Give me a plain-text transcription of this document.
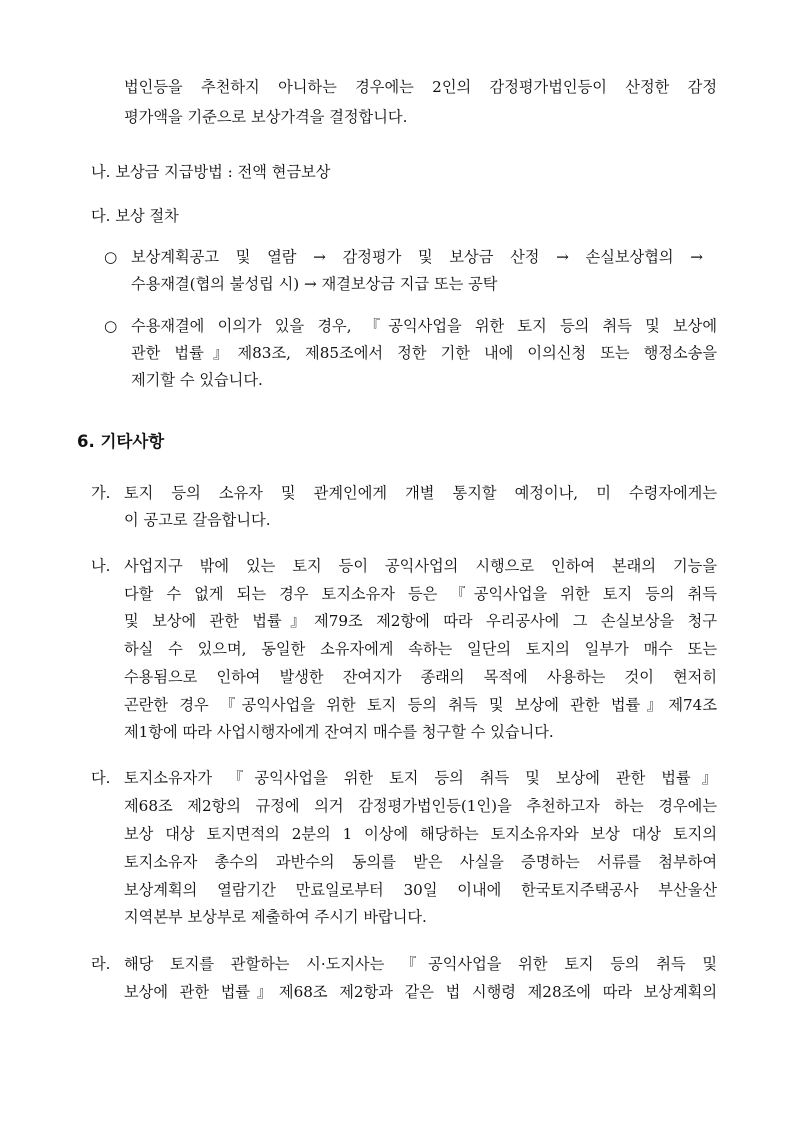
법인등을 추천하지 아니하는 경우에는 2인의 감정평가법인등이 산정한 감정
평가액을 기준으로 보상가격을 결정합니다.
나. 보상금 지급방법 : 전액 현금보상
다. 보상 절차
○ 보상계획공고 및 열람 → 감정평가 및 보상금 산정 → 손실보상협의 →
수용재결(협의 불성립 시) → 재결보상금 지급 또는 공탁
○ 수용재결에 이의가 있을 경우, 『공익사업을 위한 토지 등의 취득 및 보상에
관한 법률』제83조, 제85조에서 정한 기한 내에 이의신청 또는 행정소송을
제기할 수 있습니다.
6. 기타사항
가. 토지 등의 소유자 및 관계인에게 개별 통지할 예정이나, 미 수령자에게는
이 공고로 갈음합니다.
나. 사업지구 밖에 있는 토지 등이 공익사업의 시행으로 인하여 본래의 기능을
다할 수 없게 되는 경우 토지소유자 등은 『공익사업을 위한 토지 등의 취득
및 보상에 관한 법률』제79조 제2항에 따라 우리공사에 그 손실보상을 청구
하실 수 있으며, 동일한 소유자에게 속하는 일단의 토지의 일부가 매수 또는
수용됨으로 인하여 발생한 잔여지가 종래의 목적에 사용하는 것이 현저히
곤란한 경우 『공익사업을 위한 토지 등의 취득 및 보상에 관한 법률』제74조
제1항에 따라 사업시행자에게 잔여지 매수를 청구할 수 있습니다.
다. 토지소유자가 『공익사업을 위한 토지 등의 취득 및 보상에 관한 법률』
제68조 제2항의 규정에 의거 감정평가법인등(1인)을 추천하고자 하는 경우에는
보상 대상 토지면적의 2분의 1 이상에 해당하는 토지소유자와 보상 대상 토지의
토지소유자 총수의 과반수의 동의를 받은 사실을 증명하는 서류를 첨부하여
보상계획의 열람기간 만료일로부터 30일 이내에 한국토지주택공사 부산울산
지역본부 보상부로 제출하여 주시기 바랍니다.
라. 해당 토지를 관할하는 시·도지사는 『공익사업을 위한 토지 등의 취득 및
보상에 관한 법률』제68조 제2항과 같은 법 시행령 제28조에 따라 보상계획의
